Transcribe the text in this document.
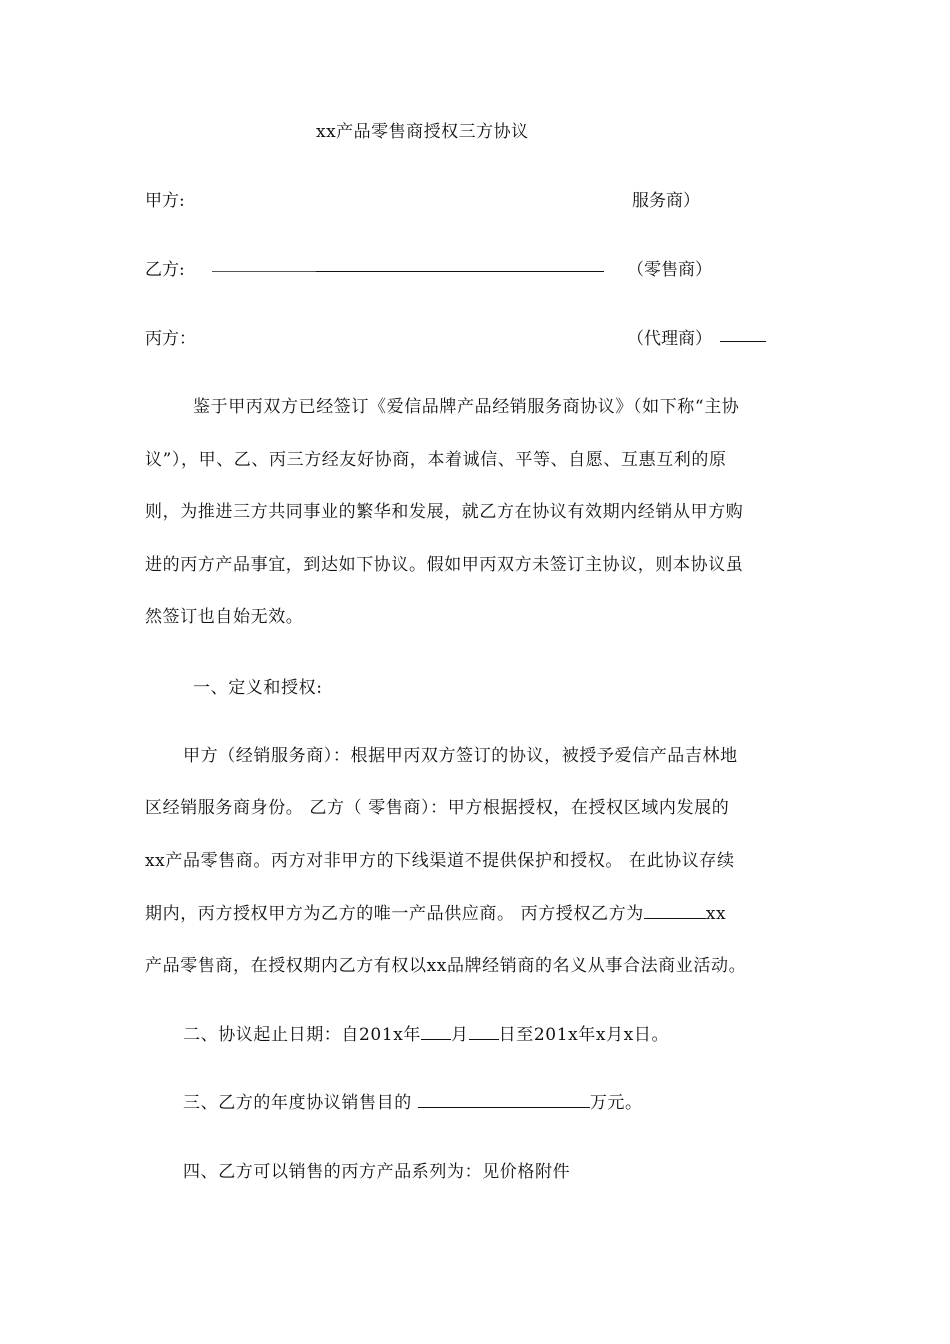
xx产品零售商授权三方协议
甲方:	服务商）
乙方:	（零售商）
丙方：	（代理商）
鉴于甲丙双方已经签订《爱信品牌产品经销服务商协议》（如下称“主协
议”），甲、乙、丙三方经友好协商，本着诚信、平等、自愿、互惠互利的原
则，为推进三方共同事业的繁华和发展，就乙方在协议有效期内经销从甲方购
进的丙方产品事宜，到达如下协议。假如甲丙双方未签订主协议，则本协议虽
然签订也自始无效。
一、定义和授权:
甲方（经销服务商）：根据甲丙双方签订的协议，被授予爱信产品吉林地
区经销服务商身份。 乙方（ 零售商）：甲方根据授权，在授权区域内发展的
xx产品零售商。丙方对非甲方的下线渠道不提供保护和授权。 在此协议存续
期内，丙方授权甲方为乙方的唯一产品供应商。 丙方授权乙方为	xx
产品零售商，在授权期内乙方有权以xx品牌经销商的名义从事合法商业活动。
二、协议起止日期：自201x年 月 日至201x年x月x日。
三、乙方的年度协议销售目的	万元。
四、乙方可以销售的丙方产品系列为：见价格附件
